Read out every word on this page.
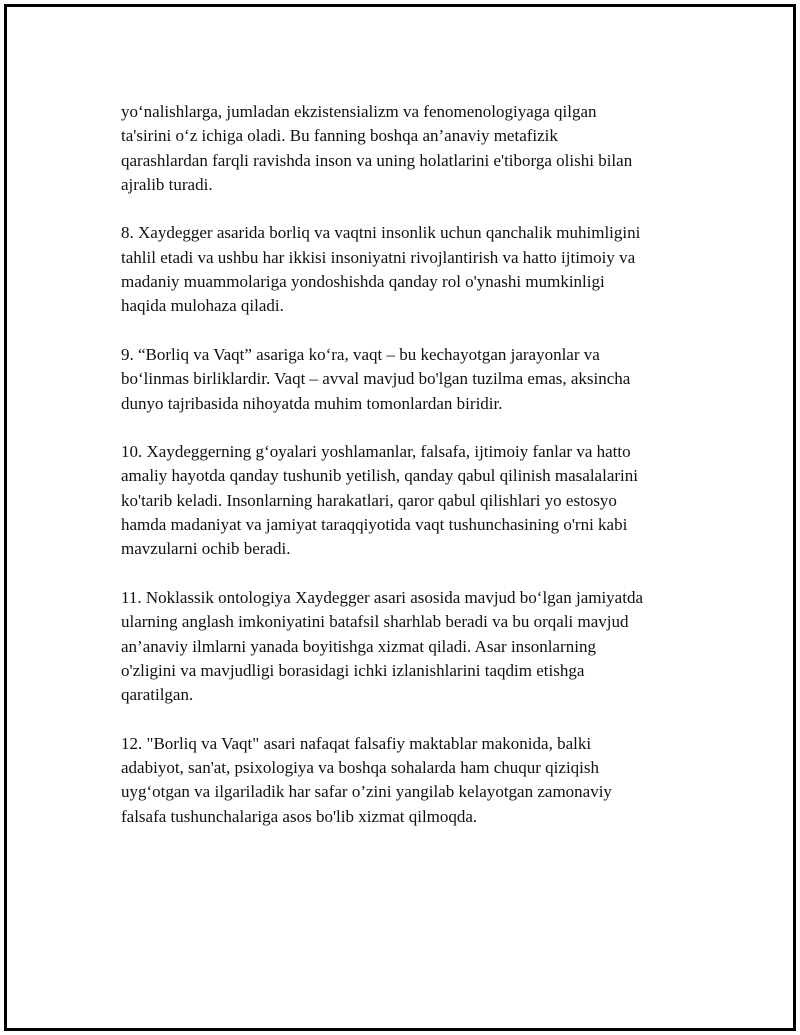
yo‘nalishlarga, jumladan ekzistensializm va fenomenologiyaga qilgan
ta'sirini o‘z ichiga oladi. Bu fanning boshqa an’anaviy metafizik
qarashlardan farqli ravishda inson va uning holatlarini e'tiborga olishi bilan
ajralib turadi.

8. Xaydegger asarida borliq va vaqtni insonlik uchun qanchalik muhimligini
tahlil etadi va ushbu har ikkisi insoniyatni rivojlantirish va hatto ijtimoiy va
madaniy muammolariga yondoshishda qanday rol o'ynashi mumkinligi
haqida mulohaza qiladi.

9. “Borliq va Vaqt” asariga ko‘ra, vaqt – bu kechayotgan jarayonlar va
bo‘linmas birliklardir. Vaqt – avval mavjud bo'lgan tuzilma emas, aksincha
dunyo tajribasida nihoyatda muhim tomonlardan biridir.

10. Xaydeggerning g‘oyalari yoshlamanlar, falsafa, ijtimoiy fanlar va hatto
amaliy hayotda qanday tushunib yetilish, qanday qabul qilinish masalalarini
ko'tarib keladi. Insonlarning harakatlari, qaror qabul qilishlari yo estosyo
hamda madaniyat va jamiyat taraqqiyotida vaqt tushunchasining o'rni kabi
mavzularni ochib beradi.

11. Noklassik ontologiya Xaydegger asari asosida mavjud bo‘lgan jamiyatda
ularning anglash imkoniyatini batafsil sharhlab beradi va bu orqali mavjud
an’anaviy ilmlarni yanada boyitishga xizmat qiladi. Asar insonlarning
o'zligini va mavjudligi borasidagi ichki izlanishlarini taqdim etishga
qaratilgan.

12. "Borliq va Vaqt" asari nafaqat falsafiy maktablar makonida, balki
adabiyot, san'at, psixologiya va boshqa sohalarda ham chuqur qiziqish
uyg‘otgan va ilgariladik har safar o’zini yangilab kelayotgan zamonaviy
falsafa tushunchalariga asos bo'lib xizmat qilmoqda.
